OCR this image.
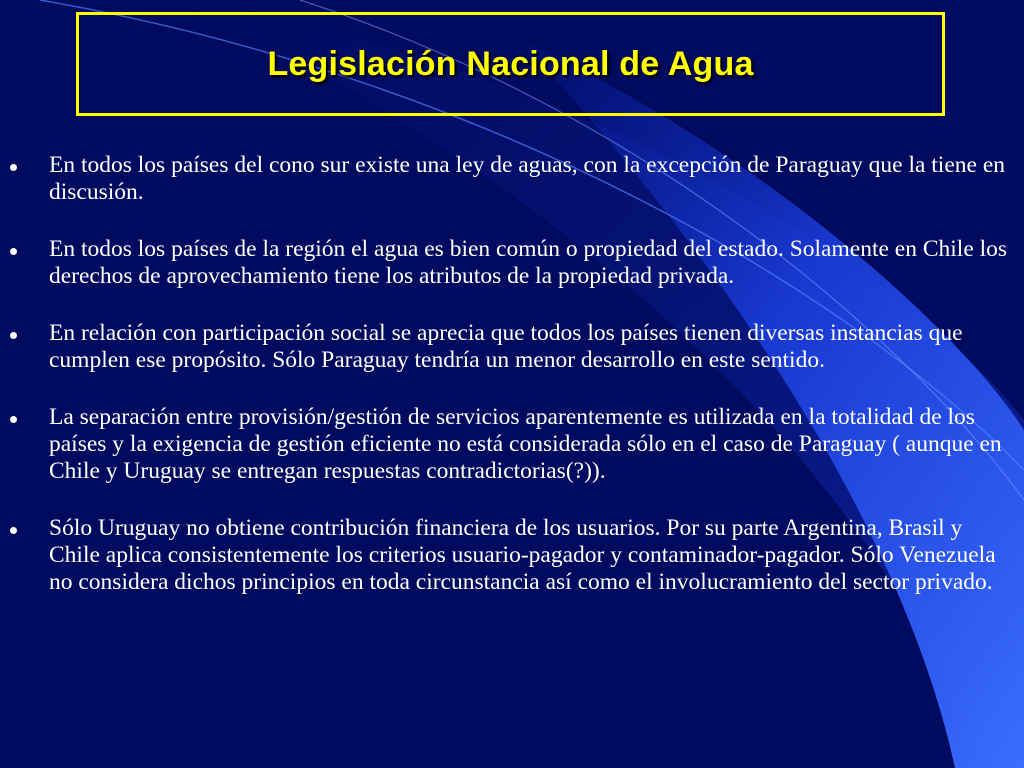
Legislación Nacional de Agua
En todos los países del cono sur existe una ley de aguas, con la excepción de Paraguay que la tiene en discusión.
En todos los países de la región el agua es bien común o propiedad del estado. Solamente en Chile los derechos de aprovechamiento tiene los atributos de la propiedad privada.
En relación con participación social se aprecia que todos los países tienen diversas instancias que cumplen ese propósito. Sólo Paraguay tendría un menor desarrollo en este sentido.
La separación entre provisión/gestión de servicios aparentemente es utilizada en la totalidad de los países y la exigencia de gestión eficiente no está considerada sólo en el caso de Paraguay ( aunque en Chile y Uruguay se entregan respuestas contradictorias(?)).
Sólo Uruguay no obtiene contribución financiera de los usuarios. Por su parte Argentina, Brasil y Chile aplica consistentemente los criterios usuario-pagador y contaminador-pagador. Sólo Venezuela no considera dichos principios en toda circunstancia así como el involucramiento del sector privado.
